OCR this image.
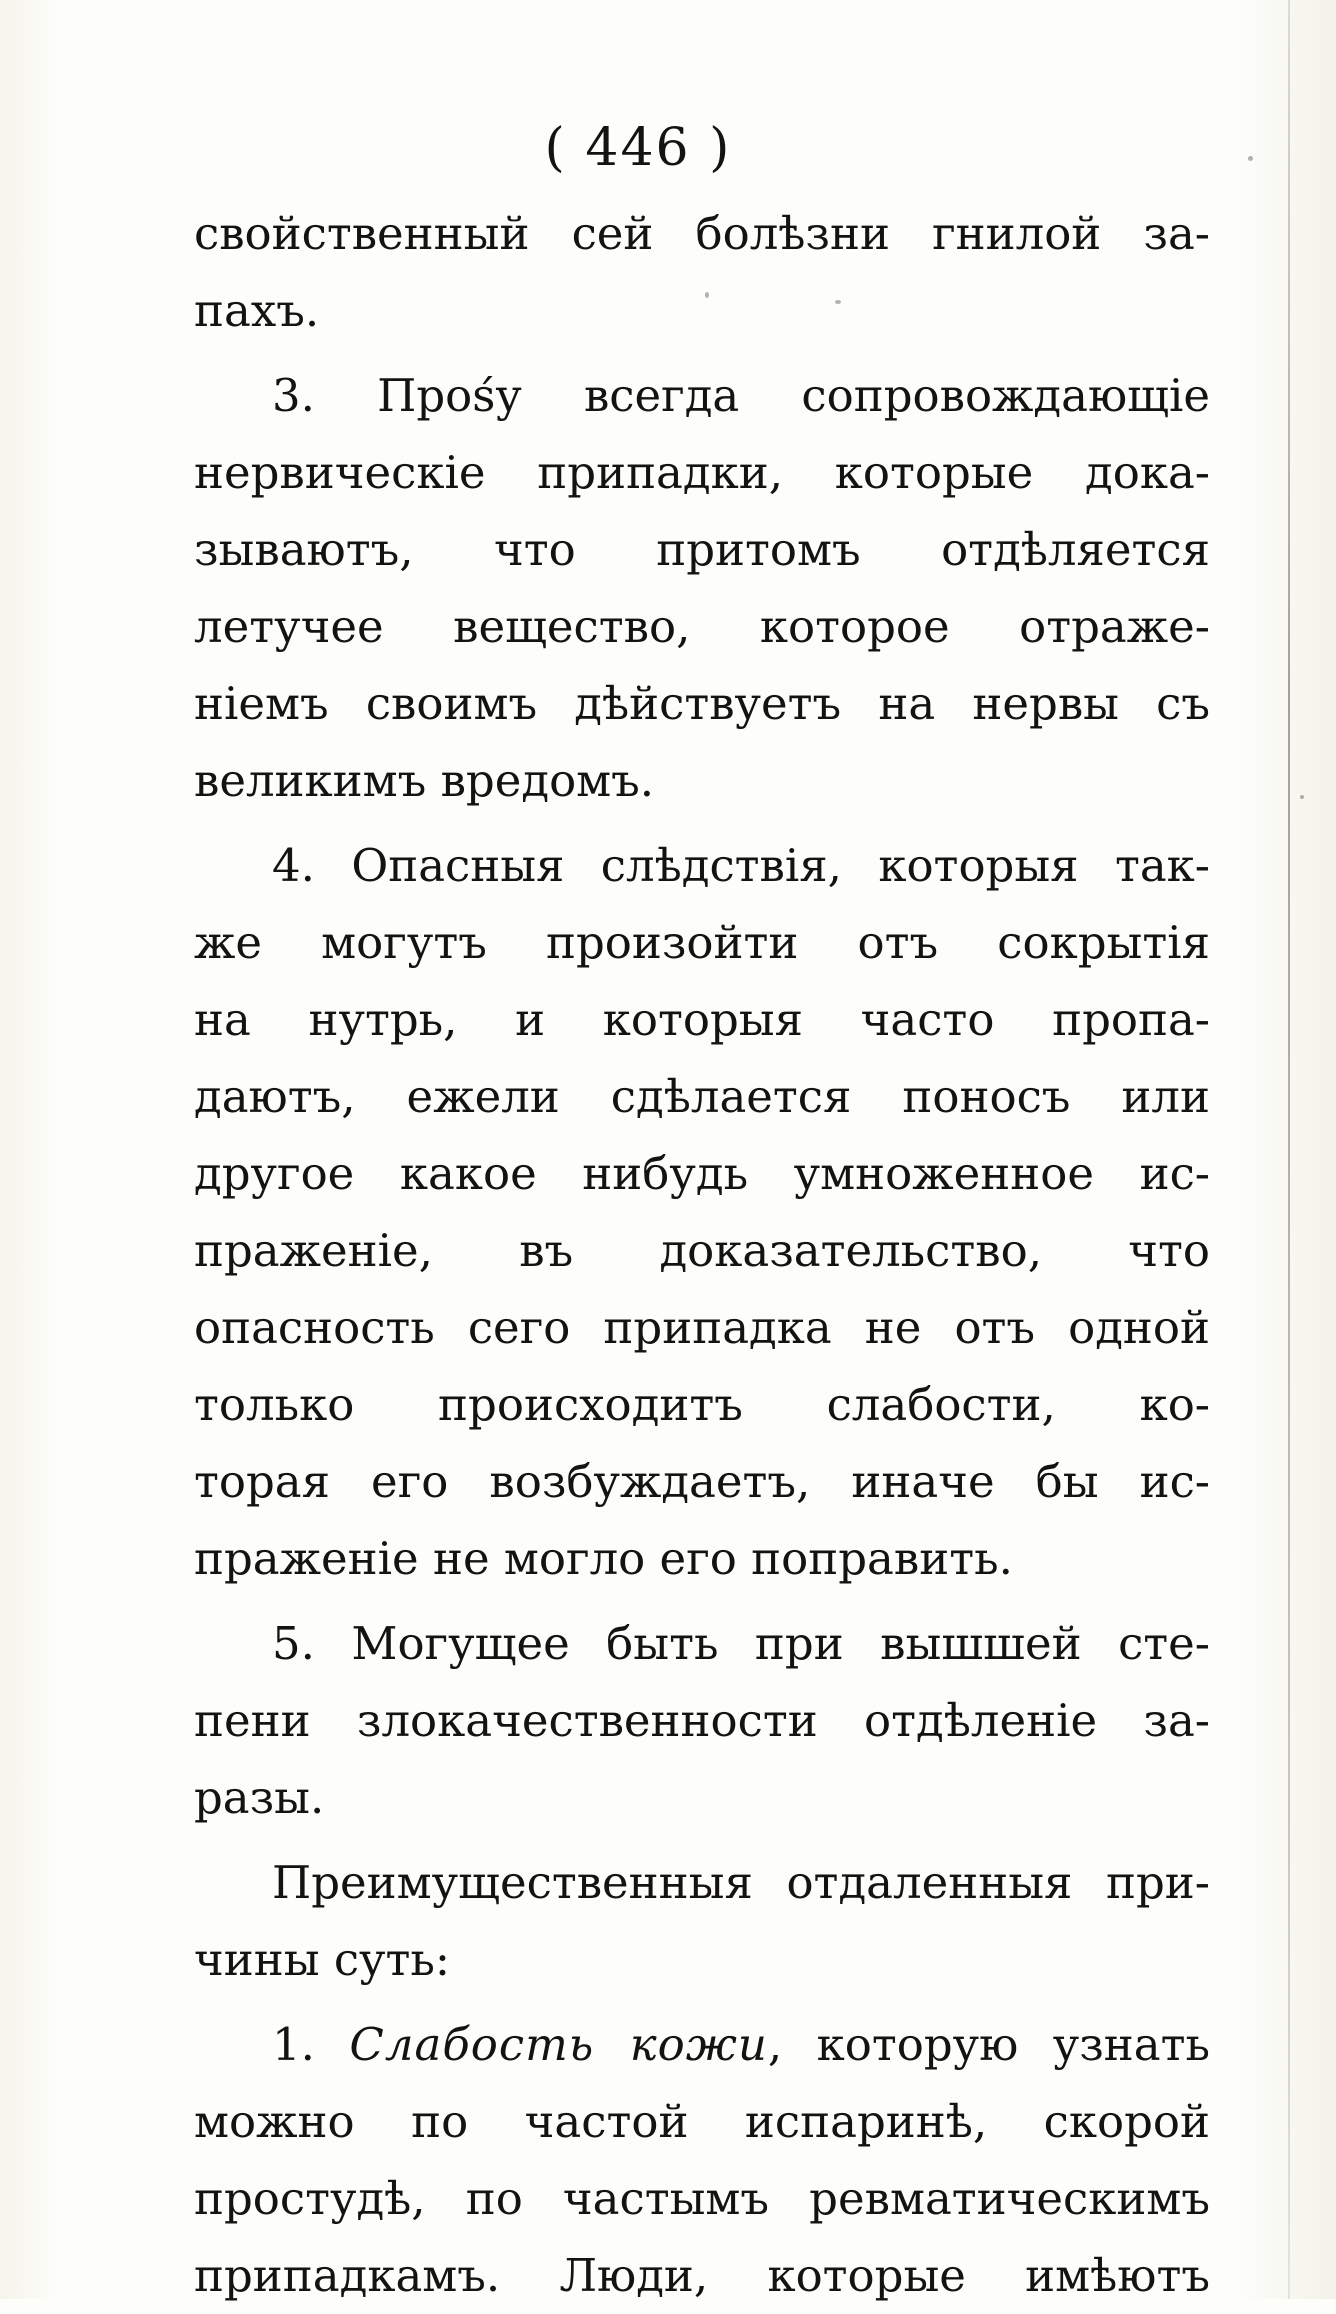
( 446 )
свойственный сей болѣзни гнилой за-
пахъ.
3. Прośу всегда сопровождающіе
нервическіе припадки, которые дока-
зываютъ, что притомъ отдѣляется
летучее вещество, которое отраже-
ніемъ своимъ дѣйствуетъ на нервы съ
великимъ вредомъ.
4. Опасныя слѣдствія, которыя так-
же могутъ произойти отъ сокрытія
на нутрь, и которыя часто пропа-
даютъ, ежели сдѣлается поносъ или
другое какое нибудь умноженное ис-
праженіе, въ доказательство, что
опасность сего припадка не отъ одной
только происходитъ слабости, ко-
торая его возбуждаетъ, иначе бы ис-
праженіе не могло его поправить.
5. Могущее быть при вышшей сте-
пени злокачественности отдѣленіе за-
разы.
Преимущественныя отдаленныя при-
чины суть:
1. Слабость кожи, которую узнать
можно по частой испаринѣ, скорой
простудѣ, по частымъ ревматическимъ
припадкамъ. Люди, которые имѣютъ
